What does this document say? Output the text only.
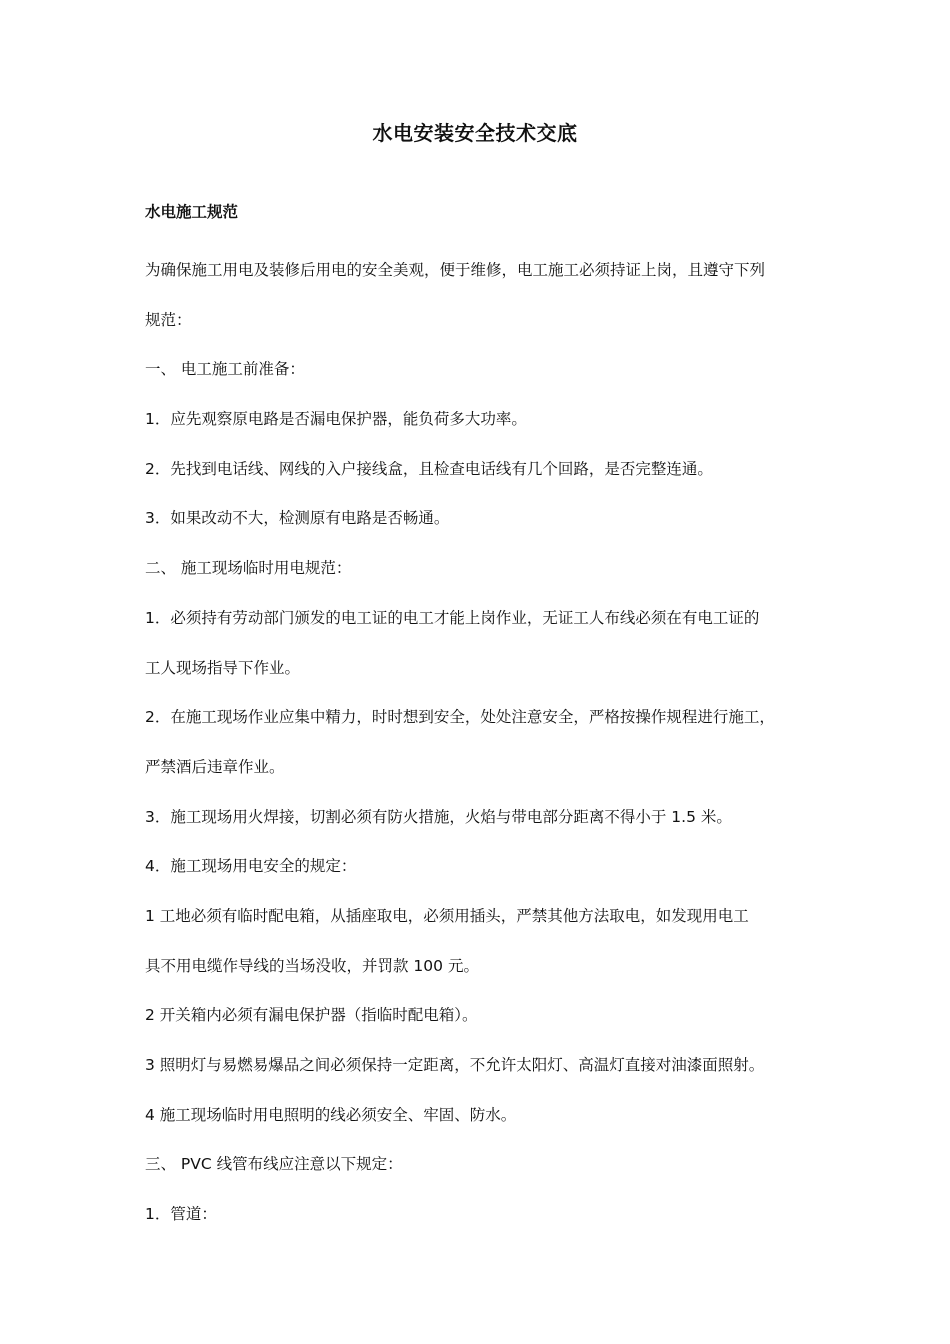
水电安装安全技术交底
水电施工规范
为确保施工用电及装修后用电的安全美观，便于维修，电工施工必须持证上岗，且遵守下列
规范：
一、 电工施工前准备：
1．应先观察原电路是否漏电保护器，能负荷多大功率。
2．先找到电话线、网线的入户接线盒，且检查电话线有几个回路，是否完整连通。
3．如果改动不大，检测原有电路是否畅通。
二、 施工现场临时用电规范：
1．必须持有劳动部门颁发的电工证的电工才能上岗作业，无证工人布线必须在有电工证的
工人现场指导下作业。
2．在施工现场作业应集中精力，时时想到安全，处处注意安全，严格按操作规程进行施工，
严禁酒后违章作业。
3．施工现场用火焊接，切割必须有防火措施，火焰与带电部分距离不得小于 1.5 米。
4．施工现场用电安全的规定：
1 工地必须有临时配电箱，从插座取电，必须用插头，严禁其他方法取电，如发现用电工
具不用电缆作导线的当场没收，并罚款 100 元。
2 开关箱内必须有漏电保护器（指临时配电箱）。
3 照明灯与易燃易爆品之间必须保持一定距离，不允许太阳灯、高温灯直接对油漆面照射。
4 施工现场临时用电照明的线必须安全、牢固、防水。
三、 PVC 线管布线应注意以下规定：
1．管道：
